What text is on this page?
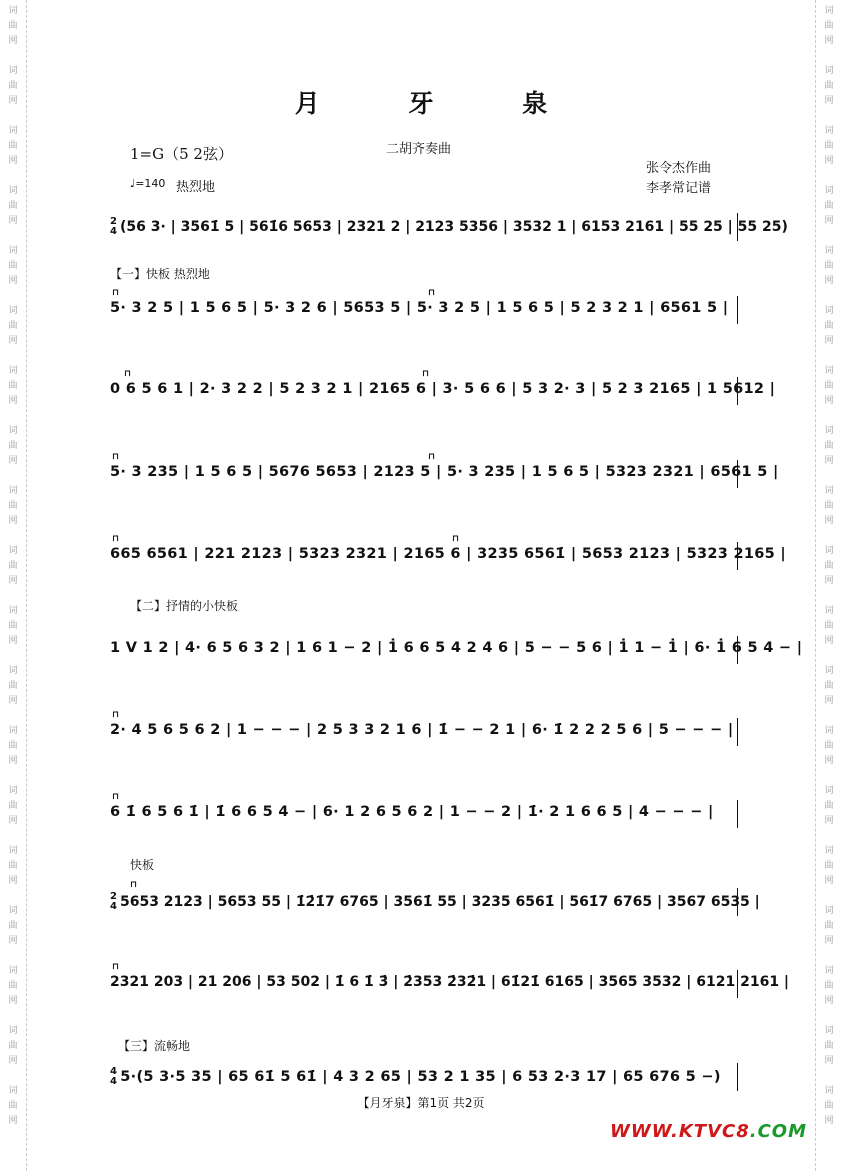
词
曲
网
词
曲
网
词
曲
网
词
曲
网
词
曲
网
词
曲
网
词
曲
网
词
曲
网
词
曲
网
词
曲
网
词
曲
网
词
曲
网
词
曲
网
词
曲
网
词
曲
网
词
曲
网
词
曲
网
词
曲
网
词
曲
网
词
曲
网
词
曲
网
词
曲
网
词
曲
网
词
曲
网
词
曲
网
词
曲
网
词
曲
网
词
曲
网
词
曲
网
词
曲
网
词
曲
网
词
曲
网
词
曲
网
词
曲
网
词
曲
网
词
曲
网
词
曲
网
词
曲
网
月 牙 泉
1=G（5 2弦）	二胡齐奏曲
张令杰作曲
李孝常记谱
♩=140 热烈地
2
4 (56 3· | 3561̇ 5 | 561̇6 5653 | 2321 2 | 2123 5356 | 3532 1 | 6153 2161 | 55 25 | 55 25)
【一】快板 热烈地
⊓	⊓
5· 3 2 5 | 1 5 6 5 | 5· 3 2 6 | 5653 5 | 5· 3 2 5 | 1 5 6 5 | 5 2 3 2 1 | 6561 5 |
⊓	⊓
0 6 5 6 1 | 2· 3 2 2 | 5 2 3 2 1 | 2165 6 | 3· 5 6 6 | 5 3 2· 3 | 5 2 3 2165 | 1 5612 |
⊓	⊓
5· 3 235 | 1 5 6 5 | 5676 5653 | 2123 5 | 5· 3 235 | 1 5 6 5 | 5323 2321 | 6561 5 |
⊓	⊓
665 6561 | 221 2123 | 5323 2321 | 2165 6 | 3235 6561̇ | 5653 2123 | 5323 2165 |
【二】抒情的小快板
1 V 1 2 | 4· 6 5 6 3 2 | 1 6 1 − 2 | 1̇ 6 6 5 4 2 4 6 | 5 − − 5 6 | 1̇ 1 − 1̇ | 6· 1̇ 6 5 4 − |
⊓
2· 4 5 6 5 6 2 | 1 − − − | 2 5 3 3 2 1 6 | 1̇ − − 2 1 | 6· 1̇ 2 2 2 5 6 | 5 − − − |
⊓
6 1̇ 6 5 6 1̇ | 1̇ 6 6 5 4 − | 6· 1 2 6 5 6 2 | 1 − − 2 | 1̇· 2 1 6 6 5 | 4 − − − |
快板
⊓
2
4 5653 2123 | 5653 55 | 1̇2̇1̇7 6765 | 3561̇ 55 | 3235 6561̇ | 561̇7 6765 | 3567 6535 |
⊓
2321 203 | 21 206 | 53 502 | 1̇ 6 1̇ 3̇ | 2̇353 2̇32̇1 | 61̇21̇ 6165 | 3565 3532 | 6121 2161 |
【三】流畅地
4
4 5·(5 3·5 35 | 65 61̇ 5 61̇ | 4 3 2 65 | 53 2 1 35 | 6 53 2·3 17 | 65 676 5 −)
【月牙泉】第1页 共2页
WWW.KTVC8.COM
